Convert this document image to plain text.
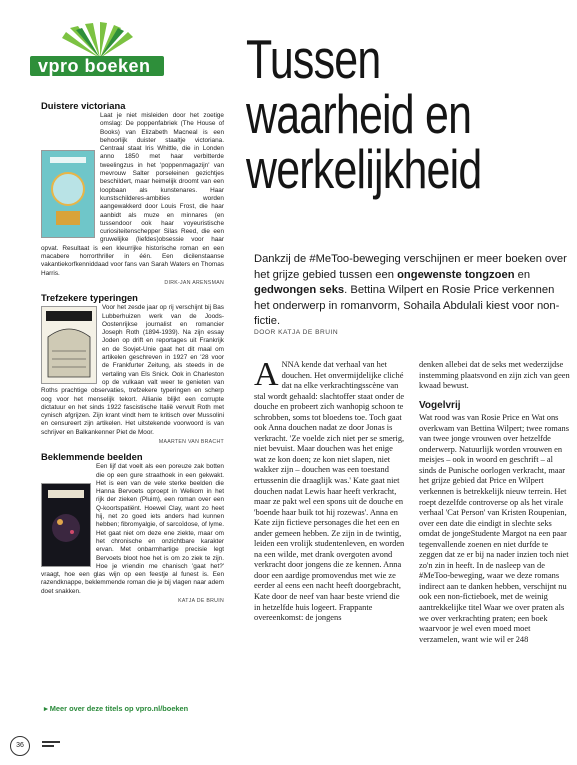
vpro boeken
Duistere victoriana

Laat je niet misleiden door het zoetige omslag: De poppenfabriek (The House of Books) van Elizabeth Macneal is een behoorlijk duister staaltje victoriana. Centraal staat Iris Whittle, die in Londen anno 1850 met haar verbitterde tweelingzus in het 'poppenmagazijn' van mevrouw Salter porseleinen gezichtjes beschildert, maar heimelijk droomt van een loopbaan als kunstenares. Haar kunstschilderes-ambities worden aangewakkerd door Louis Frost, die haar aanbidt als muze en minnares (en tussendoor ook haar voyeuristische curiositeitenschepper Silas Reed, die een gruwelijke (liefdes)obsessie voor haar opvat. Resultaat is een kleurrijke historische roman en een macabere horrorthriller in één. Een dicilenstaanse vakantiekorfkenniddaad voor fans van Sarah Waters en Thomas Harris.

DIRK-JAN ARENSMAN
Trefzekere typeringen

Voor het zesde jaar op rij verschijnt bij Bas Lubberhuizen werk van de Joods-Oostenrijkse journalist en romancier Joseph Roth (1894-1939). Na zijn essay Joden op drift en reportages uit Frankrijk en de Sovjet-Unie gaat het dit maal om artikelen geschreven in 1927 en '28 voor de Frankfurter Zeitung, als steeds in de vertaling van Els Snick. Ook in Charleston op de vulkaan valt weer te genieten van Roths prachtige observaties, trefzekere typeringen en scherp oog voor het menselijk tekort. Allianie blijkt een corrupte dictatuur en het sinds 1922 fascistische Italië vervult Roth met cynisch afgrijzen. Zijn krant vindt hem te kritisch over Mussolini en censureert zijn artikelen. Het uitstekende voorwoord is van schrijver en Balkankenner Piet de Moor.

MAARTEN VAN BRACHT
Beklemmende beelden

Een lijf dat voelt als een poreuze zak botten die op een gure straathoek in een gekwakt. Het is een van de vele sterke beelden die Hanna Bervoets oproept in Welkom in het rijk der zieken (Pluim), een roman over een Q-koortspatiënt. Hoewel Clay, want zo heet hij, net zo goed iets anders had kunnen hebben; fibromyalgie, of sarcoïdose, of lyme. Het gaat niet om deze ene ziekte, maar om het chronische en onzichtbare karakter ervan. Met onbarmhartige precisie legt Bervoets bloot hoe het is om zo ziek te zijn. Hoe je vriendin me chanisch 'gaat het?' vraagt, hoe een glas wijn op een feestje al funest is. Een razendknappe, beklemmende roman die je bij vlagen naar adem doet snakken.

KATJA DE BRUIN
▸ Meer over deze titels op vpro.nl/boeken
36
Tussen
waarheid en
werkelijkheid
Dankzij de #MeToo-beweging verschijnen er meer boeken over het grijze gebied tussen een ongewenste tongzoen en gedwongen seks. Bettina Wilpert en Rosie Price verkennen het onderwerp in romanvorm, Sohaila Abdulali kiest voor non-fictie.
DOOR KATJA DE BRUIN
A NNA kende dat verhaal van het douchen. Het onvermijdelijke cliché dat na elke verkrachtingsscène van stal wordt gehaald: slachtoffer staat onder de douche en probeert zich wanhopig schoon te schrobben, soms tot bloedens toe. Toch gaat ook Anna douchen nadat ze door Jonas is verkracht. 'Ze voelde zich niet per se smerig, niet bevuist. Maar douchen was het enige wat ze kon doen; ze kon niet slapen, niet wakker zijn – douchen was een toestand ertussenin die draaglijk was.' Kate gaat niet douchen nadat Lewis haar heeft verkracht, maar ze pakt wel een spons uit de douche en 'boende haar buik tot hij rozewas'. Anna en Kate zijn fictieve personages die het een en ander gemeen hebben. Ze zijn in de twintig, leiden een vrolijk studentenleven, en worden na een wilde, met drank overgoten avond verkracht door jongens die ze kennen. Anna door een aardige promovendus met wie ze eerder al eens een nacht heeft doorgebracht, Kate door de neef van haar beste vriend die in hetzelfde huis logeert. Frappante overeenkomst: de jongens

denken allebei dat de seks met wederzijdse instemming plaatsvond en zijn zich van geen kwaad bewust.

Vogelvrij

Wat rood was van Rosie Price en Wat ons overkwam van Bettina Wilpert; twee romans van twee jonge vrouwen over hetzelfde onderwerp. Natuurlijk worden vrouwen en meisjes – ook in woord en geschrift – al sinds de Punische oorlogen verkracht, maar het grijze gebied dat Price en Wilpert verkennen is betrekkelijk nieuw terrein. Het roept dezelfde controverse op als het virale verhaal 'Cat Person' van Kristen Roupenian, over een date die eindigt in slechte seks omdat de jongeStudente Margot na een paar tegenvallende zoenen en niet durfde te zeggen dat ze er bij na nader inzien toch niet zo'n zin in heeft. In de nasleep van de #MeToo-beweging, waar we deze romans indirect aan te danken hebben, verschijnt nu ook een non-fictieboek, met de weinig aantrekkelijke titel Waar we over praten als we over verkrachting praten; een boek waarvoor je wel even moed moet verzamelen, want wie wil er 248
